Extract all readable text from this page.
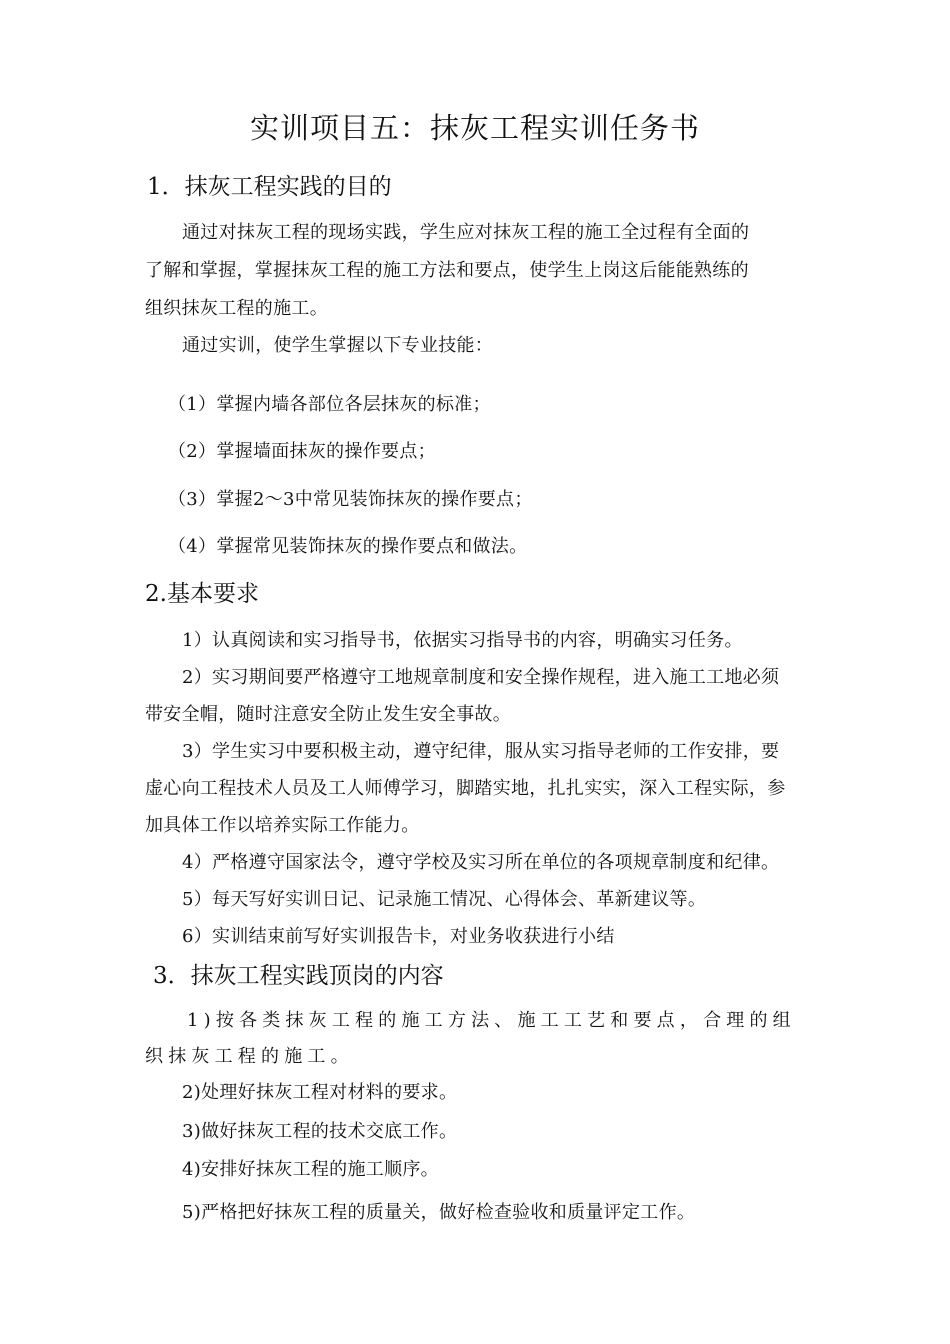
实训项目五：抹灰工程实训任务书
1．抹灰工程实践的目的
通过对抹灰工程的现场实践，学生应对抹灰工程的施工全过程有全面的
了解和掌握，掌握抹灰工程的施工方法和要点，使学生上岗这后能能熟练的
组织抹灰工程的施工。
通过实训，使学生掌握以下专业技能：
（1）掌握内墙各部位各层抹灰的标准；
（2）掌握墙面抹灰的操作要点；
（3）掌握2～3中常见装饰抹灰的操作要点；
（4）掌握常见装饰抹灰的操作要点和做法。
2.基本要求
1）认真阅读和实习指导书，依据实习指导书的内容，明确实习任务。
2）实习期间要严格遵守工地规章制度和安全操作规程，进入施工工地必须
带安全帽，随时注意安全防止发生安全事故。
3）学生实习中要积极主动，遵守纪律，服从实习指导老师的工作安排，要
虚心向工程技术人员及工人师傅学习，脚踏实地，扎扎实实，深入工程实际，参
加具体工作以培养实际工作能力。
4）严格遵守国家法令，遵守学校及实习所在单位的各项规章制度和纪律。
5）每天写好实训日记、记录施工情况、心得体会、革新建议等。
6）实训结束前写好实训报告卡，对业务收获进行小结
3．抹灰工程实践顶岗的内容
1)按各类抹灰工程的施工方法、施工工艺和要点，合理的组
织抹灰工程的施工。
2)处理好抹灰工程对材料的要求。
3)做好抹灰工程的技术交底工作。
4)安排好抹灰工程的施工顺序。
5)严格把好抹灰工程的质量关，做好检查验收和质量评定工作。
